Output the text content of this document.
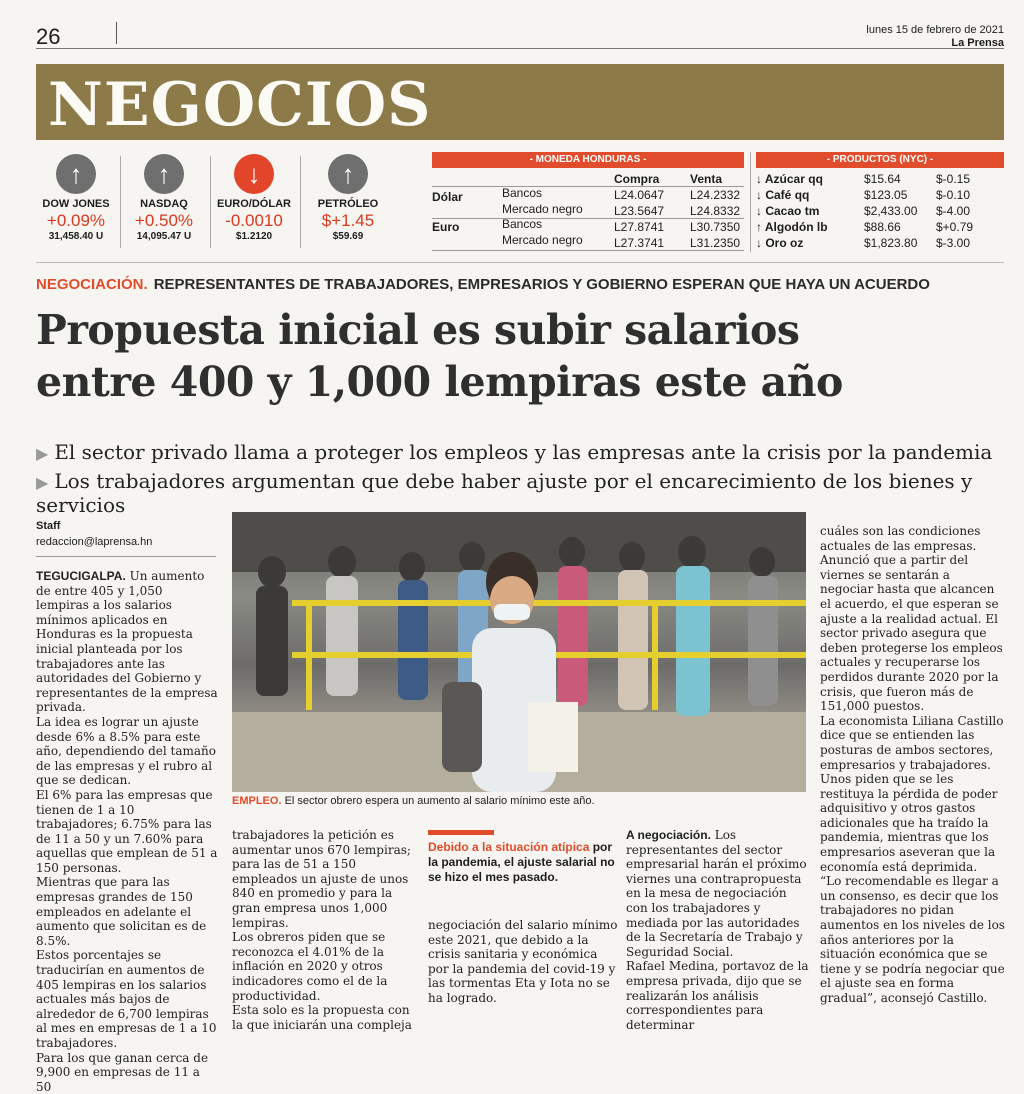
26	lunes 15 de febrero de 2021
La Prensa
NEGOCIOS
↑
DOW JONES
+0.09%
31,458.40 U
↑
NASDAQ
+0.50%
14,095.47 U
↓
EURO/DÓLAR
-0.0010
$1.2120
↑
PETRÓLEO
$+1.45
$59.69
- MONEDA HONDURAS -
Compra	Venta
Dólar	Bancos	L24.0647 L24.2332
Mercado negro	L23.5647 L24.8332
Euro	Bancos	L27.8741 L30.7350
Mercado negro	L27.3741 L31.2350
- PRODUCTOS (NYC) -
↓ Azúcar qq	$15.64	$-0.15
↓ Café qq	$123.05 $-0.10
↓ Cacao tm	$2,433.00 $-4.00
↑ Algodón lb	$88.66	$+0.79
↓ Oro oz	$1,823.80 $-3.00
NEGOCIACIÓN. REPRESENTANTES DE TRABAJADORES, EMPRESARIOS Y GOBIERNO ESPERAN QUE HAYA UN ACUERDO
Propuesta inicial es subir salarios
entre 400 y 1,000 lempiras este año
▶ El sector privado llama a proteger los empleos y las empresas ante la crisis por la pandemia
▶ Los trabajadores argumentan que debe haber ajuste por el encarecimiento de los bienes y servicios
Staff
redaccion@laprensa.hn
EMPLEO. El sector obrero espera un aumento al salario mínimo este año.

TEGUCIGALPA. Un aumento de entre 405 y 1,050 lempiras a los salarios mínimos aplicados en Honduras es la propuesta inicial planteada por los trabajadores ante las autoridades del Gobierno y representantes de la empresa privada.

La idea es lograr un ajuste desde 6% a 8.5% para este año, dependiendo del tamaño de las empresas y el rubro al que se dedican.

El 6% para las empresas que tienen de 1 a 10 trabajadores; 6.75% para las de 11 a 50 y un 7.60% para aquellas que emplean de 51 a 150 personas.

Mientras que para las empresas grandes de 150 empleados en adelante el aumento que solicitan es de 8.5%.

Estos porcentajes se traducirían en aumentos de 405 lempiras en los salarios actuales más bajos de alrededor de 6,700 lempiras al mes en empresas de 1 a 10 trabajadores.

Para los que ganan cerca de 9,900 en empresas de 11 a 50

trabajadores la petición es aumentar unos 670 lempiras; para las de 51 a 150 empleados un ajuste de unos 840 en promedio y para la gran empresa unos 1,000 lempiras.

Los obreros piden que se reconozca el 4.01% de la inflación en 2020 y otros indicadores como el de la productividad.

Esta solo es la propuesta con la que iniciarán una compleja

Debido a la situación atípica por la pandemia, el ajuste salarial no se hizo el mes pasado.

negociación del salario mínimo este 2021, que debido a la crisis sanitaria y económica por la pandemia del covid-19 y las tormentas Eta y Iota no se ha logrado.

A negociación. Los representantes del sector empresarial harán el próximo viernes una contrapropuesta en la mesa de negociación con los trabajadores y mediada por las autoridades de la Secretaría de Trabajo y Seguridad Social.

Rafael Medina, portavoz de la empresa privada, dijo que se realizarán los análisis correspondientes para determinar

cuáles son las condiciones actuales de las empresas.

Anunció que a partir del viernes se sentarán a negociar hasta que alcancen el acuerdo, el que esperan se ajuste a la realidad actual. El sector privado asegura que deben protegerse los empleos actuales y recuperarse los perdidos durante 2020 por la crisis, que fueron más de 151,000 puestos.

La economista Liliana Castillo dice que se entienden las posturas de ambos sectores, empresarios y trabajadores. Unos piden que se les restituya la pérdida de poder adquisitivo y otros gastos adicionales que ha traído la pandemia, mientras que los empresarios aseveran que la economía está deprimida.

“Lo recomendable es llegar a un consenso, es decir que los trabajadores no pidan aumentos en los niveles de los años anteriores por la situación económica que se tiene y se podría negociar que el ajuste sea en forma gradual”, aconsejó Castillo.
